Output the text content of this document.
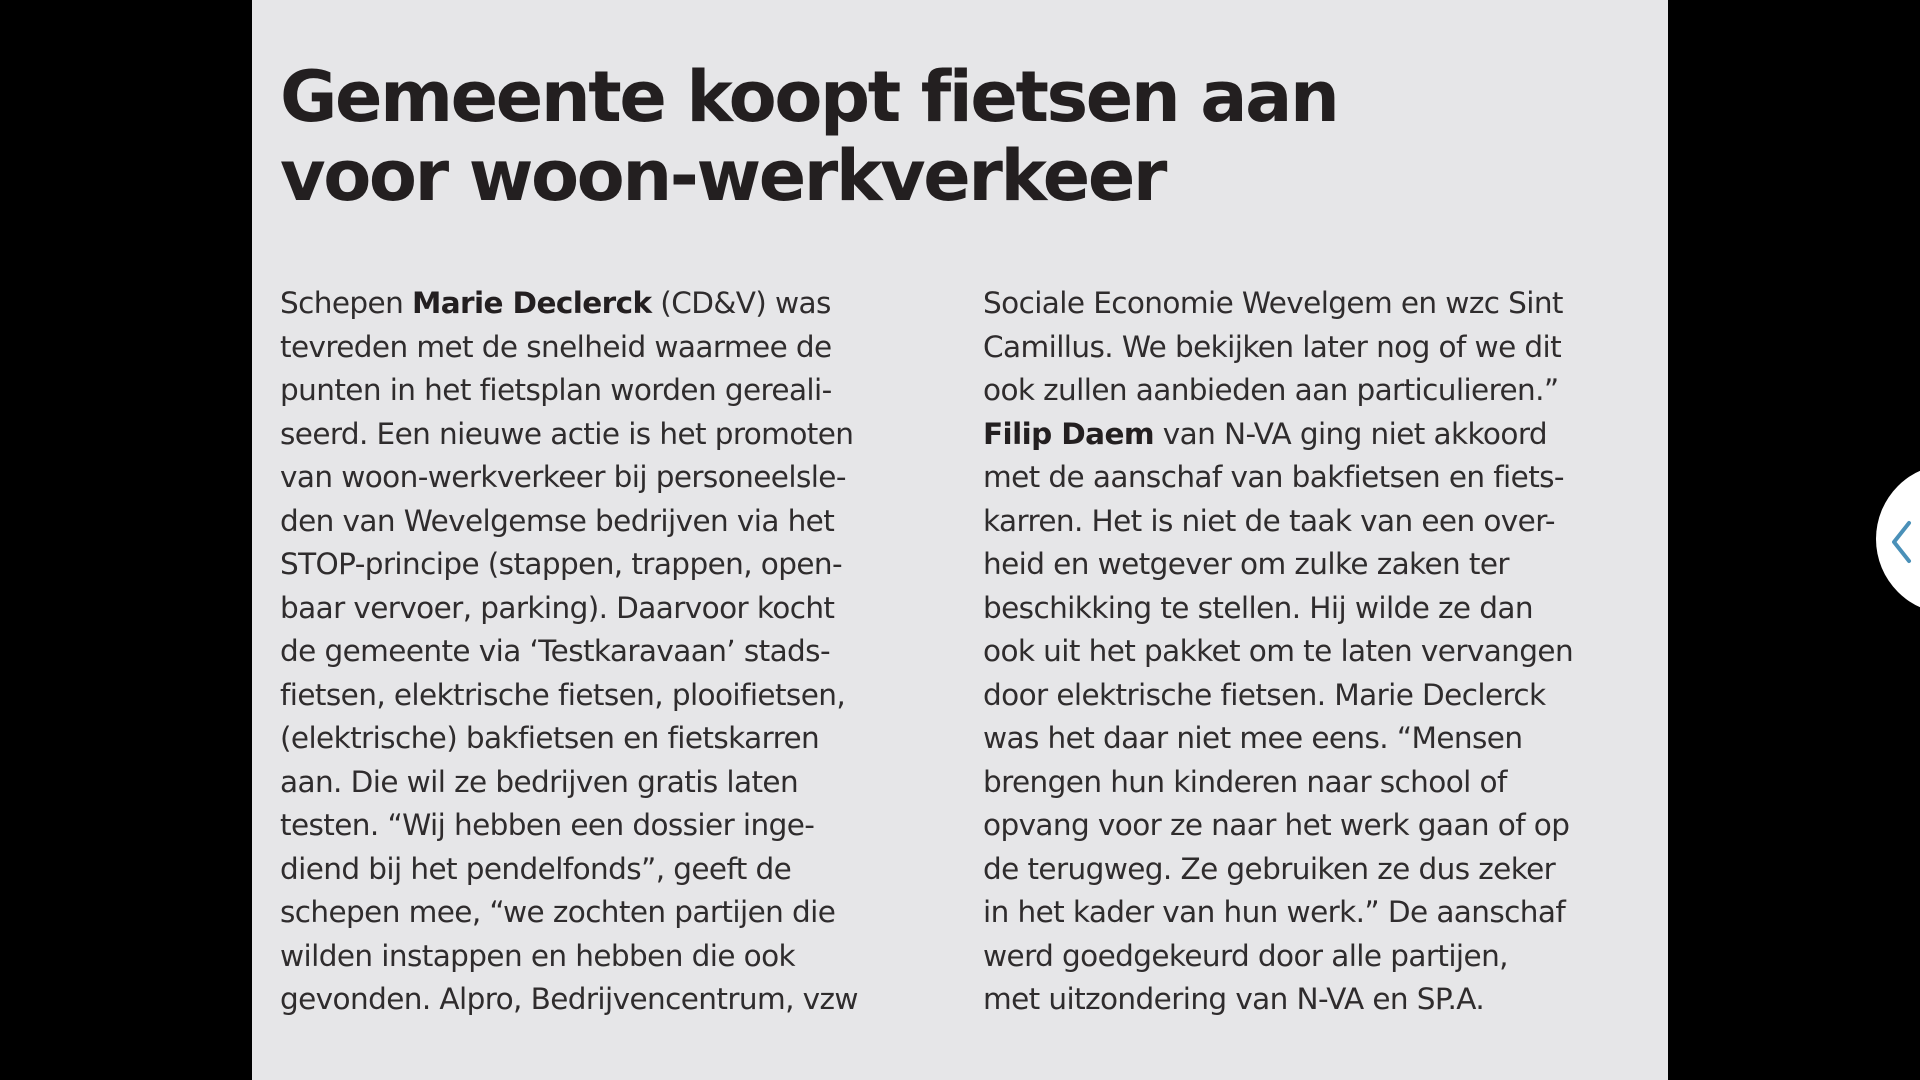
Gemeente koopt fietsen aan
voor woon-werkverkeer
Schepen Marie Declerck (CD&V) was
tevreden met de snelheid waarmee de
punten in het fietsplan worden gereali-
seerd. Een nieuwe actie is het promoten
van woon-werkverkeer bij personeelsle-
den van Wevelgemse bedrijven via het
STOP-principe (stappen, trappen, open-
baar vervoer, parking). Daarvoor kocht
de gemeente via ‘Testkaravaan’ stads-
fietsen, elektrische fietsen, plooifietsen,
(elektrische) bakfietsen en fietskarren
aan. Die wil ze bedrijven gratis laten
testen. “Wij hebben een dossier inge-
diend bij het pendelfonds”, geeft de
schepen mee, “we zochten partijen die
wilden instappen en hebben die ook
gevonden. Alpro, Bedrijvencentrum, vzw
Sociale Economie Wevelgem en wzc Sint
Camillus. We bekijken later nog of we dit
ook zullen aanbieden aan particulieren.”
Filip Daem van N-VA ging niet akkoord
met de aanschaf van bakfietsen en fiets-
karren. Het is niet de taak van een over-
heid en wetgever om zulke zaken ter
beschikking te stellen. Hij wilde ze dan
ook uit het pakket om te laten vervangen
door elektrische fietsen. Marie Declerck
was het daar niet mee eens. “Mensen
brengen hun kinderen naar school of
opvang voor ze naar het werk gaan of op
de terugweg. Ze gebruiken ze dus zeker
in het kader van hun werk.” De aanschaf
werd goedgekeurd door alle partijen,
met uitzondering van N-VA en SP.A.
